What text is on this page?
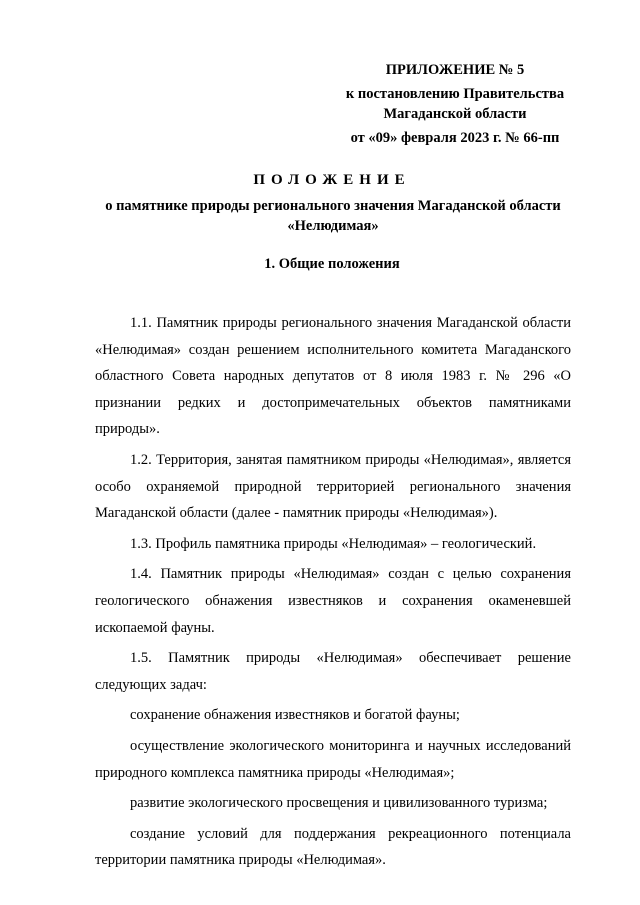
ПРИЛОЖЕНИЕ № 5
к постановлению Правительства
Магаданской области
от «09» февраля 2023 г. № 66-пп
ПОЛОЖЕНИЕ
о памятнике природы регионального значения Магаданской области «Нелюдимая»
1. Общие положения

1.1. Памятник природы регионального значения Магаданской области «Нелюдимая» создан решением исполнительного комитета Магаданского областного Совета народных депутатов от 8 июля 1983 г. № 296 «О признании редких и достопримечательных объектов памятниками природы».

1.2. Территория, занятая памятником природы «Нелюдимая», является особо охраняемой природной территорией регионального значения Магаданской области (далее - памятник природы «Нелюдимая»).

1.3. Профиль памятника природы «Нелюдимая» – геологический.

1.4. Памятник природы «Нелюдимая» создан с целью сохранения геологического обнажения известняков и сохранения окаменевшей ископаемой фауны.

1.5. Памятник природы «Нелюдимая» обеспечивает решение следующих задач:

сохранение обнажения известняков и богатой фауны;

осуществление экологического мониторинга и научных исследований природного комплекса памятника природы «Нелюдимая»;

развитие экологического просвещения и цивилизованного туризма;

создание условий для поддержания рекреационного потенциала территории памятника природы «Нелюдимая».
